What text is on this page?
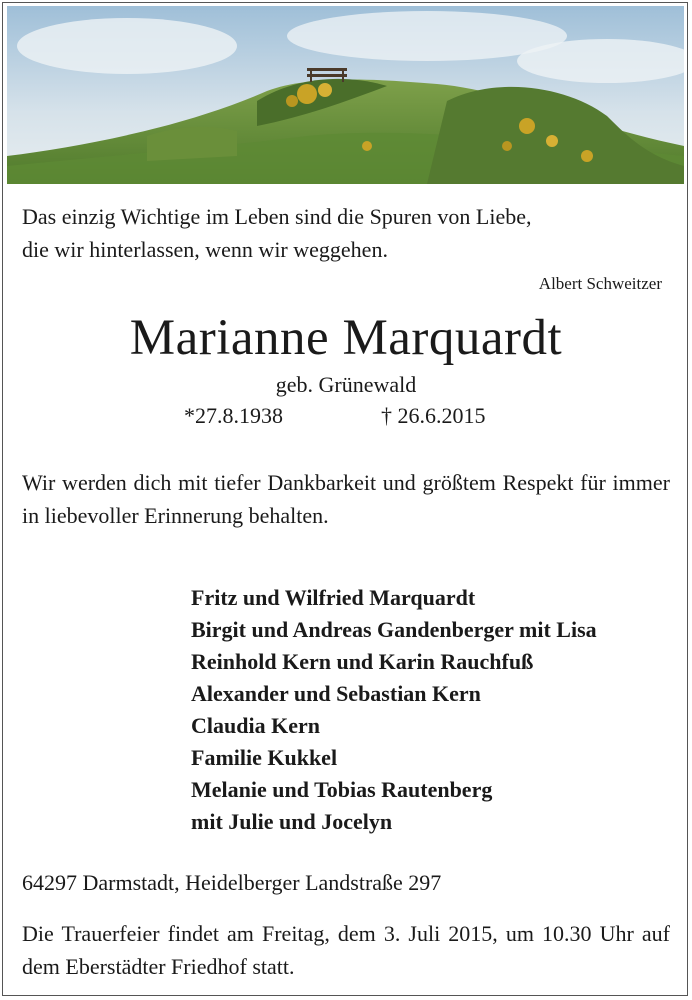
Das einzig Wichtige im Leben sind die Spuren von Liebe,
die wir hinterlassen, wenn wir weggehen.
Albert Schweitzer
Marianne Marquardt
geb. Grünewald
*27.8.1938	† 26.6.2015
Wir werden dich mit tiefer Dankbarkeit und größtem Respekt für immer in liebevoller Erinnerung behalten.
Fritz und Wilfried Marquardt
Birgit und Andreas Gandenberger mit Lisa
Reinhold Kern und Karin Rauchfuß
Alexander und Sebastian Kern
Claudia Kern
Familie Kukkel
Melanie und Tobias Rautenberg
mit Julie und Jocelyn
64297 Darmstadt, Heidelberger Landstraße 297
Die Trauerfeier findet am Freitag, dem 3. Juli 2015, um 10.30 Uhr auf dem Eberstädter Friedhof statt.
